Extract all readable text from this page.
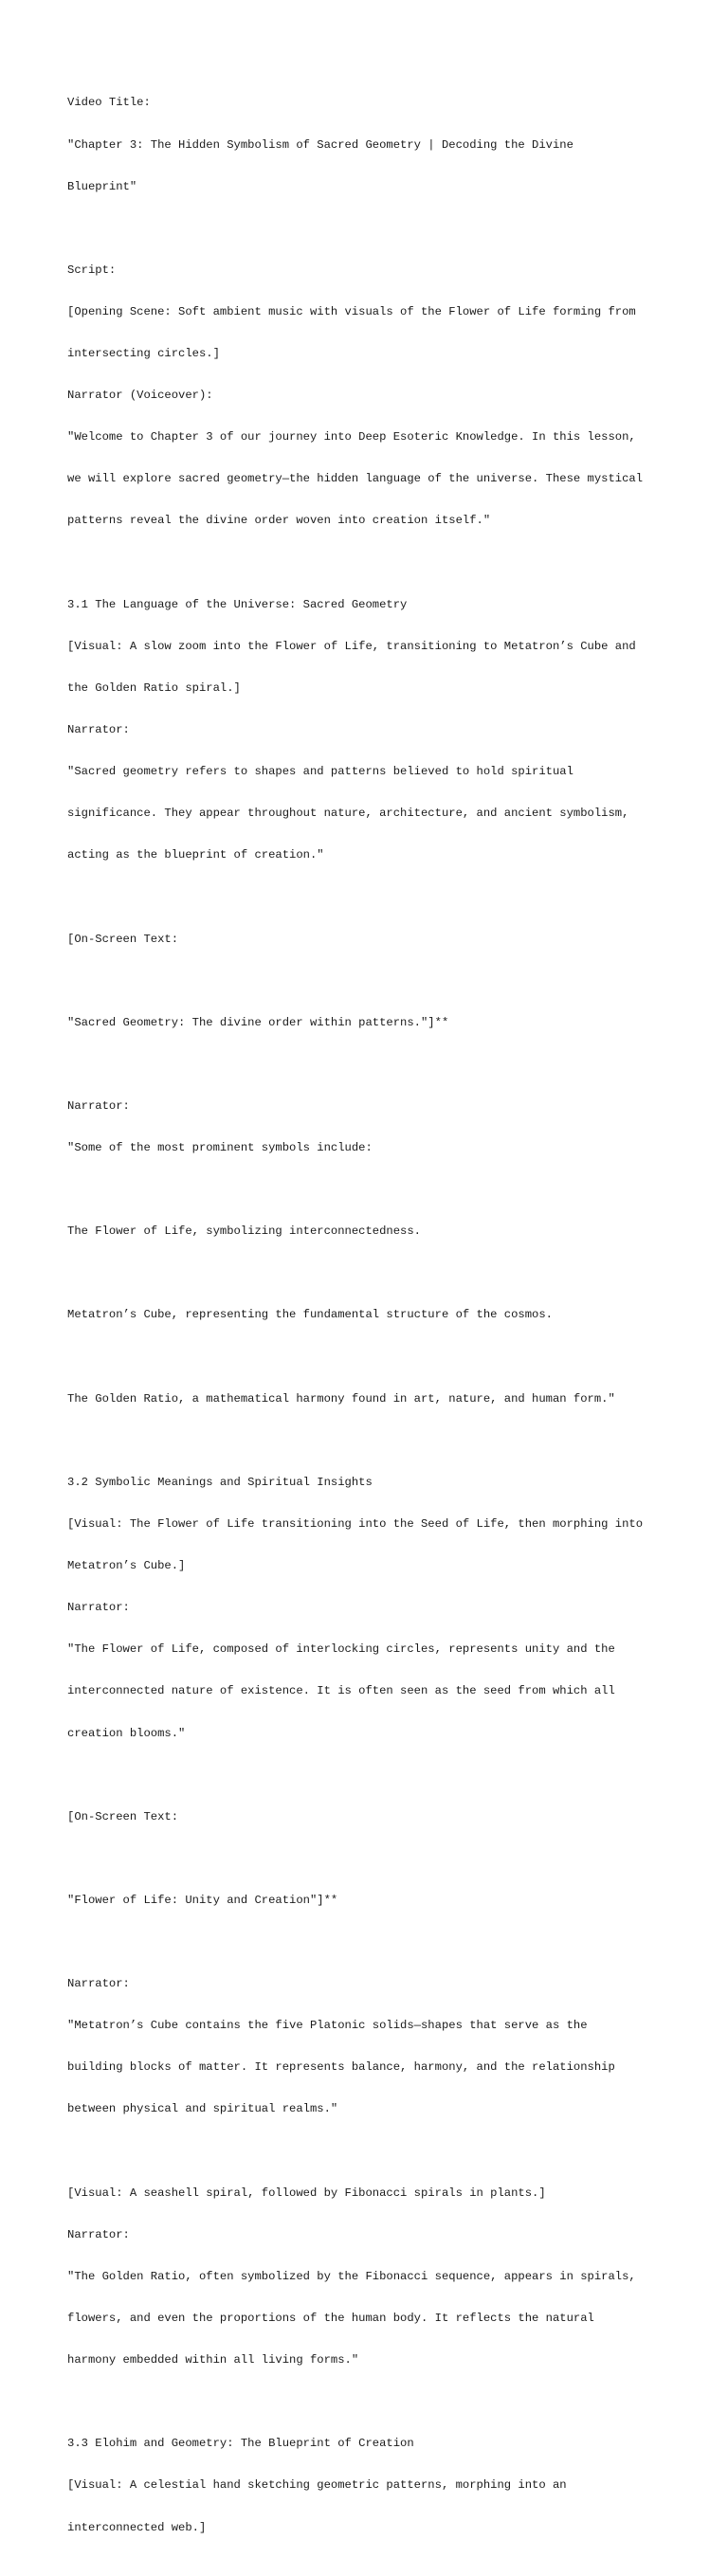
Video Title:

"Chapter 3: The Hidden Symbolism of Sacred Geometry | Decoding the Divine

Blueprint"

Script:

[Opening Scene: Soft ambient music with visuals of the Flower of Life forming from

intersecting circles.]

Narrator (Voiceover):

"Welcome to Chapter 3 of our journey into Deep Esoteric Knowledge. In this lesson,

we will explore sacred geometry—the hidden language of the universe. These mystical

patterns reveal the divine order woven into creation itself."

3.1 The Language of the Universe: Sacred Geometry

[Visual: A slow zoom into the Flower of Life, transitioning to Metatron’s Cube and

the Golden Ratio spiral.]

Narrator:

"Sacred geometry refers to shapes and patterns believed to hold spiritual

significance. They appear throughout nature, architecture, and ancient symbolism,

acting as the blueprint of creation."

[On-Screen Text:

"Sacred Geometry: The divine order within patterns."]**

Narrator:

"Some of the most prominent symbols include:

The Flower of Life, symbolizing interconnectedness.

Metatron’s Cube, representing the fundamental structure of the cosmos.

The Golden Ratio, a mathematical harmony found in art, nature, and human form."

3.2 Symbolic Meanings and Spiritual Insights

[Visual: The Flower of Life transitioning into the Seed of Life, then morphing into

Metatron’s Cube.]

Narrator:

"The Flower of Life, composed of interlocking circles, represents unity and the

interconnected nature of existence. It is often seen as the seed from which all

creation blooms."

[On-Screen Text:

"Flower of Life: Unity and Creation"]**

Narrator:

"Metatron’s Cube contains the five Platonic solids—shapes that serve as the

building blocks of matter. It represents balance, harmony, and the relationship

between physical and spiritual realms."

[Visual: A seashell spiral, followed by Fibonacci spirals in plants.]

Narrator:

"The Golden Ratio, often symbolized by the Fibonacci sequence, appears in spirals,

flowers, and even the proportions of the human body. It reflects the natural

harmony embedded within all living forms."

3.3 Elohim and Geometry: The Blueprint of Creation

[Visual: A celestial hand sketching geometric patterns, morphing into an

interconnected web.]
